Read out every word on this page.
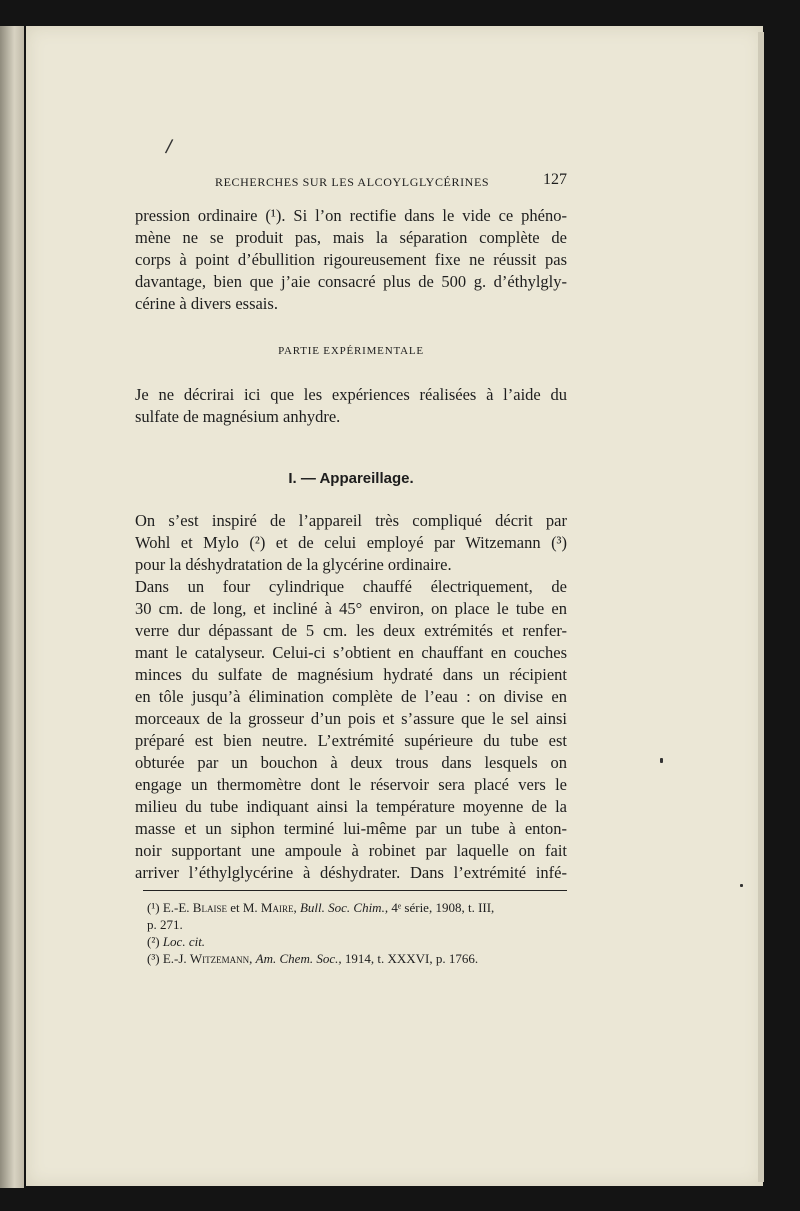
/
RECHERCHES SUR LES ALCOYLGLYCÉRINES	127
pression ordinaire (¹). Si l’on rectifie dans le vide ce phéno-
mène ne se produit pas, mais la séparation complète de
corps à point d’ébullition rigoureusement fixe ne réussit pas
davantage, bien que j’aie consacré plus de 500 g. d’éthylgly-
cérine à divers essais.
PARTIE EXPÉRIMENTALE
Je ne décrirai ici que les expériences réalisées à l’aide du
sulfate de magnésium anhydre.
I. — Appareillage.
On s’est inspiré de l’appareil très compliqué décrit par
Wohl et Mylo (²) et de celui employé par Witzemann (³)
pour la déshydratation de la glycérine ordinaire.
Dans un four cylindrique chauffé électriquement, de
30 cm. de long, et incliné à 45° environ, on place le tube en
verre dur dépassant de 5 cm. les deux extrémités et renfer-
mant le catalyseur. Celui-ci s’obtient en chauffant en couches
minces du sulfate de magnésium hydraté dans un récipient
en tôle jusqu’à élimination complète de l’eau : on divise en
morceaux de la grosseur d’un pois et s’assure que le sel ainsi
préparé est bien neutre. L’extrémité supérieure du tube est
obturée par un bouchon à deux trous dans lesquels on
engage un thermomètre dont le réservoir sera placé vers le
milieu du tube indiquant ainsi la température moyenne de la
masse et un siphon terminé lui-même par un tube à enton-
noir supportant une ampoule à robinet par laquelle on fait
arriver l’éthylglycérine à déshydrater. Dans l’extrémité infé-
(¹) E.-E. Blaise et M. Maire, Bull. Soc. Chim., 4ᵉ série, 1908, t. III,
p. 271.
(²) Loc. cit.
(³) E.-J. Witzemann, Am. Chem. Soc., 1914, t. XXXVI, p. 1766.
